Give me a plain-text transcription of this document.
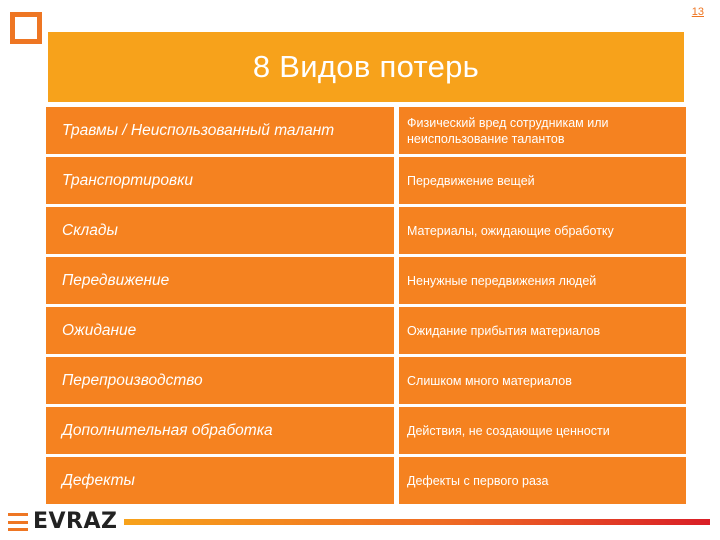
13
8 Видов потерь
Травмы / Неиспользованный талант	Физический вред сотрудникам или неиспользование талантов
Транспортировки	Передвижение вещей
Склады	Материалы, ожидающие обработку
Передвижение	Ненужные передвижения людей
Ожидание	Ожидание прибытия материалов
Перепроизводство	Слишком много материалов
Дополнительная обработка	Действия, не создающие ценности
Дефекты	Дефекты с первого раза
EVRAZ
